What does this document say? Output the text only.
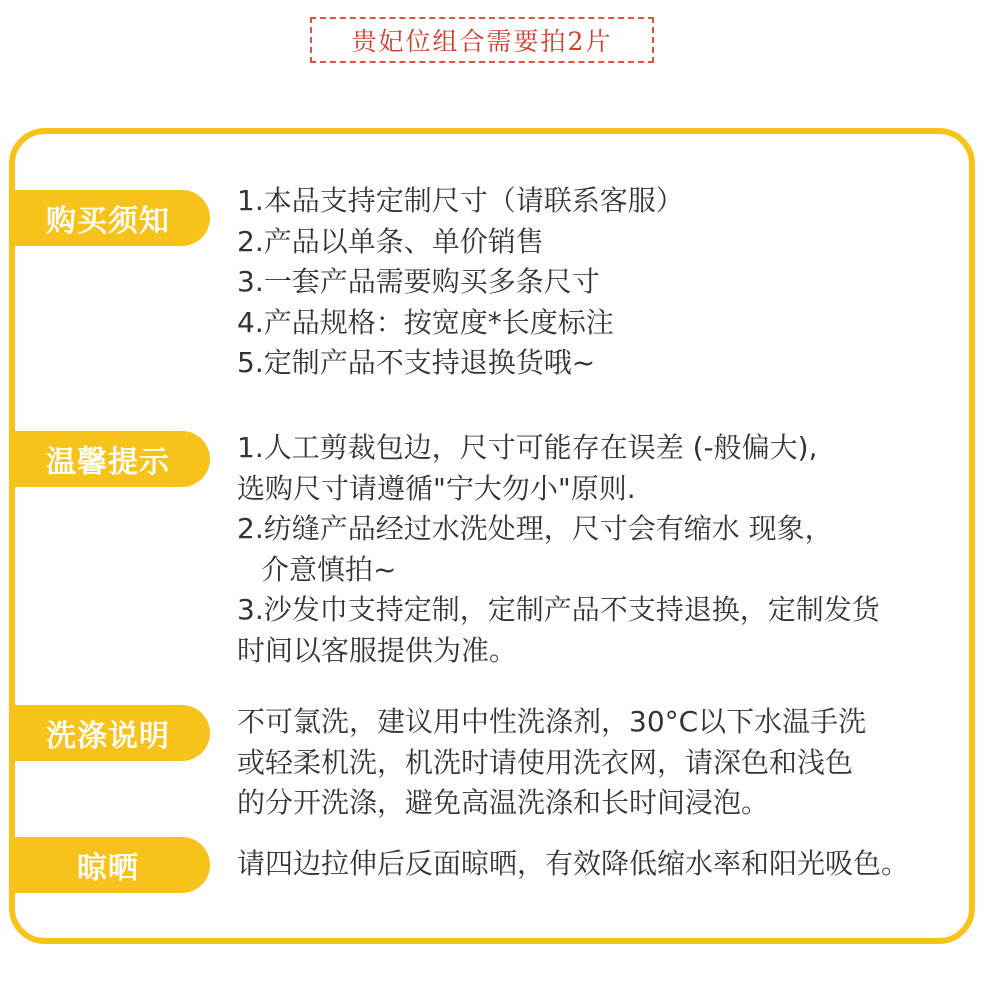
贵妃位组合需要拍2片
购买须知
1.本品支持定制尺寸（请联系客服）
2.产品以单条、单价销售
3.一套产品需要购买多条尺寸
4.产品规格：按宽度*长度标注
5.定制产品不支持退换货哦~
温馨提示	1.人工剪裁包边，尺寸可能存在误差 (-般偏大),
选购尺寸请遵循"宁大勿小"原则.
2.纺缝产品经过水洗处理，尺寸会有缩水 现象，
介意慎拍~
3.沙发巾支持定制，定制产品不支持退换，定制发货
时间以客服提供为准。
洗涤说明	不可氯洗，建议用中性洗涤剂，30°C以下水温手洗
或轻柔机洗，机洗时请使用洗衣网，请深色和浅色
的分开洗涤，避免高温洗涤和长时间浸泡。
晾晒	请四边拉伸后反面晾晒，有效降低缩水率和阳光吸色。
